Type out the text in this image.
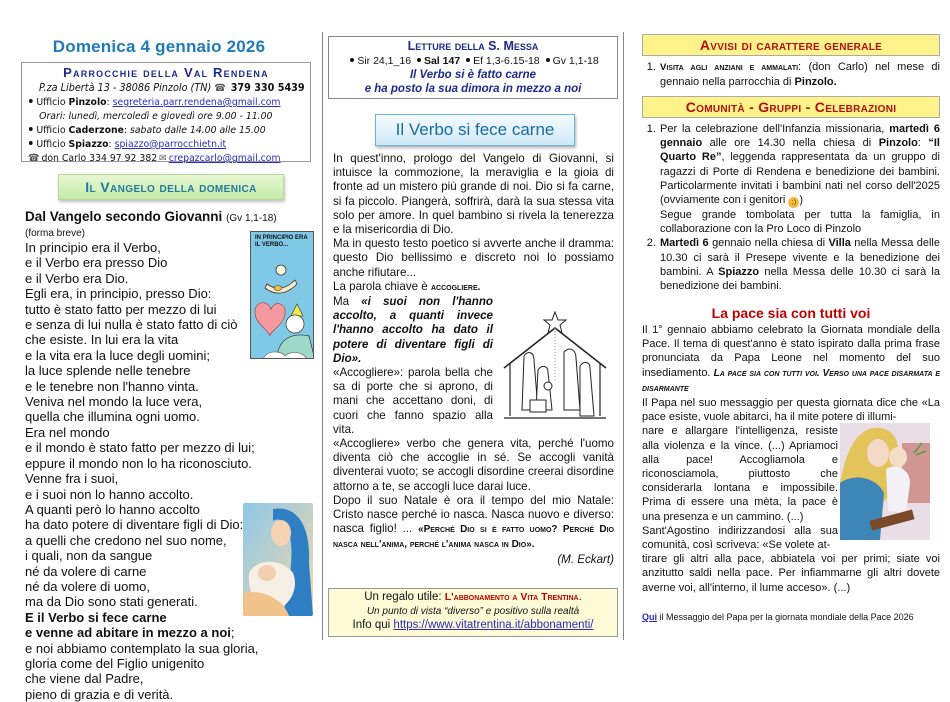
Domenica 4 gennaio 2026
Parrocchie della Val Rendena
P.za Libertà 13 - 38086 Pinzolo (TN) ☎ 379 330 5439
Ufficio Pinzolo: segreteria.parr.rendena@gmail.com
Orari: lunedì, mercoledì e giovedì ore 9.00 - 11.00
Ufficio Caderzone: sabato dalle 14.00 alle 15.00
Ufficio Spiazzo: spiazzo@parrocchietn.it
☎ don Carlo 334 97 92 382 ✉ crepazcarlo@gmail.com
Il Vangelo della domenica
Dal Vangelo secondo Giovanni (Gv 1,1-18)
(forma breve)
In principio era il Verbo,
e il Verbo era presso Dio
e il Verbo era Dio.
Egli era, in principio, presso Dio:
tutto è stato fatto per mezzo di lui
e senza di lui nulla è stato fatto di ciò
che esiste. In lui era la vita
e la vita era la luce degli uomini;
la luce splende nelle tenebre
e le tenebre non l'hanno vinta.
Veniva nel mondo la luce vera,
quella che illumina ogni uomo.
Era nel mondo
e il mondo è stato fatto per mezzo di lui;
eppure il mondo non lo ha riconosciuto.
Venne fra i suoi,
e i suoi non lo hanno accolto.
A quanti però lo hanno accolto
ha dato potere di diventare figli di Dio:
a quelli che credono nel suo nome,
i quali, non da sangue
né da volere di carne
né da volere di uomo,
ma da Dio sono stati generati.
E il Verbo si fece carne
e venne ad abitare in mezzo a noi;
e noi abbiamo contemplato la sua gloria,
gloria come del Figlio unigenito
che viene dal Padre,
pieno di grazia e di verità.
IN PRINCIPIO ERA IL VERBO...
Letture della S. Messa
Sir 24,1_16 Sal 147 Ef 1,3-6.15-18 Gv 1,1-18
Il Verbo si è fatto carne
e ha posto la sua dimora in mezzo a noi
Il Verbo si fece carne

In quest'inno, prologo del Vangelo di Giovanni, si intuisce la commozione, la meraviglia e la gioia di fronte ad un mistero più grande di noi. Dio si fa carne, si fa piccolo. Piangerà, soffrirà, darà la sua stessa vita solo per amore. In quel bambino si rivela la tenerezza e la misericordia di Dio.

Ma in questo testo poetico si avverte anche il dramma: questo Dio bellissimo e discreto noi lo possiamo anche rifiutare...

La parola chiave è accogliere.

Ma «i suoi non l'hanno accolto, a quanti invece l'hanno accolto ha dato il potere di diventare figli di Dio».

«Accogliere»: parola bella che sa di porte che si aprono, di mani che accettano doni, di cuori che fanno spazio alla vita.

«Accogliere» verbo che genera vita, perché l'uomo diventa ciò che accoglie in sé. Se accogli vanità diventerai vuoto; se accogli disordine creerai disordine attorno a te, se accogli luce darai luce.

Dopo il suo Natale è ora il tempo del mio Natale: Cristo nasce perché io nasca. Nasca nuovo e diverso: nasca figlio! ... «Perché Dio si è fatto uomo? Perché Dio nasca nell'anima, perché l'anima nasca in Dio».

(M. Eckart)

Un regalo utile: L'abbonamento a Vita Trentina.
Un punto di vista “diverso” e positivo sulla realtà
Info qui https://www.vitatrentina.it/abbonamenti/
Avvisi di carattere generale
1. Visita agli anziani e ammalati: (don Carlo) nel mese di gennaio nella parrocchia di Pinzolo.
Comunità - Gruppi - Celebrazioni
1. Per la celebrazione dell'Infanzia missionaria, martedì 6 gennaio alle ore 14.30 nella chiesa di Pinzolo: “Il Quarto Re”, leggenda rappresentata da un gruppo di ragazzi di Porte di Rendena e benedizione dei bambini. Particolarmente invitati i bambini nati nel corso dell'2025 (ovviamente con i genitori ;) )
Segue grande tombolata per tutta la famiglia, in collaborazione con la Pro Loco di Pinzolo
2. Martedì 6 gennaio nella chiesa di Villa nella Messa delle 10.30 ci sarà il Presepe vivente e la benedizione dei bambini. A Spiazzo nella Messa delle 10.30 ci sarà la benedizione dei bambini.
La pace sia con tutti voi

Il 1° gennaio abbiamo celebrato la Giornata mondiale della Pace. Il tema di quest'anno è stato ispirato dalla prima frase pronunciata da Papa Leone nel momento del suo insediamento. La pace sia con tutti voi. Verso una pace disarmata e disarmante

Il Papa nel suo messaggio per questa giornata dice che «La pace esiste, vuole abitarci, ha il mite potere di illumi-

nare e allargare l'intelligenza, resiste alla violenza e la vince. (...) Apriamoci alla pace! Accogliamola e riconosciamola, piuttosto che considerarla lontana e impossibile. Prima di essere una mèta, la pace è una presenza e un cammino. (...)

Sant'Agostino indirizzandosi alla sua comunità, così scriveva: «Se volete at-

tirare gli altri alla pace, abbiatela voi per primi; siate voi anzitutto saldi nella pace. Per infiammarne gli altri dovete averne voi, all'interno, il lume acceso». (...)

Qui il Messaggio del Papa per la giornata mondiale della Pace 2026
